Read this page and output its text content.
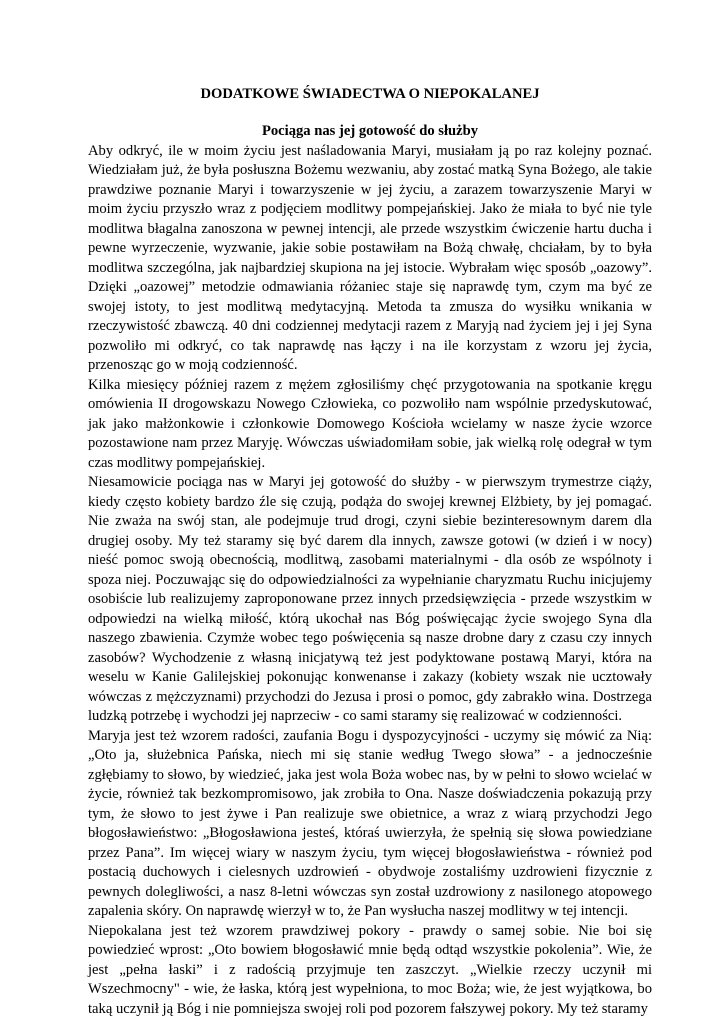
DODATKOWE ŚWIADECTWA O NIEPOKALANEJ
Pociąga nas jej gotowość do służby

Aby odkryć, ile w moim życiu jest naśladowania Maryi, musiałam ją po raz kolejny poznać. Wiedziałam już, że była posłuszna Bożemu wezwaniu, aby zostać matką Syna Bożego, ale takie prawdziwe poznanie Maryi i towarzyszenie w jej życiu, a zarazem towarzyszenie Maryi w moim życiu przyszło wraz z podjęciem modlitwy pompejańskiej. Jako że miała to być nie tyle modlitwa błagalna zanoszona w pewnej intencji, ale przede wszystkim ćwiczenie hartu ducha i pewne wyrzeczenie, wyzwanie, jakie sobie postawiłam na Bożą chwałę, chciałam, by to była modlitwa szczególna, jak najbardziej skupiona na jej istocie. Wybrałam więc sposób „oazowy”. Dzięki „oazowej” metodzie odmawiania różaniec staje się naprawdę tym, czym ma być ze swojej istoty, to jest modlitwą medytacyjną. Metoda ta zmusza do wysiłku wnikania w rzeczywistość zbawczą. 40 dni codziennej medytacji razem z Maryją nad życiem jej i jej Syna pozwoliło mi odkryć, co tak naprawdę nas łączy i na ile korzystam z wzoru jej życia, przenosząc go w moją codzienność.

Kilka miesięcy później razem z mężem zgłosiliśmy chęć przygotowania na spotkanie kręgu omówienia II drogowskazu Nowego Człowieka, co pozwoliło nam wspólnie przedyskutować, jak jako małżonkowie i członkowie Domowego Kościoła wcielamy w nasze życie wzorce pozostawione nam przez Maryję. Wówczas uświadomiłam sobie, jak wielką rolę odegrał w tym czas modlitwy pompejańskiej.

Niesamowicie pociąga nas w Maryi jej gotowość do służby - w pierwszym trymestrze ciąży, kiedy często kobiety bardzo źle się czują, podąża do swojej krewnej Elżbiety, by jej pomagać. Nie zważa na swój stan, ale podejmuje trud drogi, czyni siebie bezinteresownym darem dla drugiej osoby. My też staramy się być darem dla innych, zawsze gotowi (w dzień i w nocy) nieść pomoc swoją obecnością, modlitwą, zasobami materialnymi - dla osób ze wspólnoty i spoza niej. Poczuwając się do odpowiedzialności za wypełnianie charyzmatu Ruchu inicjujemy osobiście lub realizujemy zaproponowane przez innych przedsięwzięcia - przede wszystkim w odpowiedzi na wielką miłość, którą ukochał nas Bóg poświęcając życie swojego Syna dla naszego zbawienia. Czymże wobec tego poświęcenia są nasze drobne dary z czasu czy innych zasobów? Wychodzenie z własną inicjatywą też jest podyktowane postawą Maryi, która na weselu w Kanie Galilejskiej pokonując konwenanse i zakazy (kobiety wszak nie ucztowały wówczas z mężczyznami) przychodzi do Jezusa i prosi o pomoc, gdy zabrakło wina. Dostrzega ludzką potrzebę i wychodzi jej naprzeciw - co sami staramy się realizować w codzienności.

Maryja jest też wzorem radości, zaufania Bogu i dyspozycyjności - uczymy się mówić za Nią: „Oto ja, służebnica Pańska, niech mi się stanie według Twego słowa” - a jednocześnie zgłębiamy to słowo, by wiedzieć, jaka jest wola Boża wobec nas, by w pełni to słowo wcielać w życie, również tak bezkompromisowo, jak zrobiła to Ona. Nasze doświadczenia pokazują przy tym, że słowo to jest żywe i Pan realizuje swe obietnice, a wraz z wiarą przychodzi Jego błogosławieństwo: „Błogosławiona jesteś, któraś uwierzyła, że spełnią się słowa powiedziane przez Pana”. Im więcej wiary w naszym życiu, tym więcej błogosławieństwa - również pod postacią duchowych i cielesnych uzdrowień - obydwoje zostaliśmy uzdrowieni fizycznie z pewnych dolegliwości, a nasz 8-letni wówczas syn został uzdrowiony z nasilonego atopowego zapalenia skóry. On naprawdę wierzył w to, że Pan wysłucha naszej modlitwy w tej intencji.

Niepokalana jest też wzorem prawdziwej pokory - prawdy o samej sobie. Nie boi się powiedzieć wprost: „Oto bowiem błogosławić mnie będą odtąd wszystkie pokolenia”. Wie, że jest „pełna łaski” i z radością przyjmuje ten zaszczyt. „Wielkie rzeczy uczynił mi Wszechmocny" - wie, że łaska, którą jest wypełniona, to moc Boża; wie, że jest wyjątkowa, bo taką uczynił ją Bóg i nie pomniejsza swojej roli pod pozorem fałszywej pokory. My też staramy
